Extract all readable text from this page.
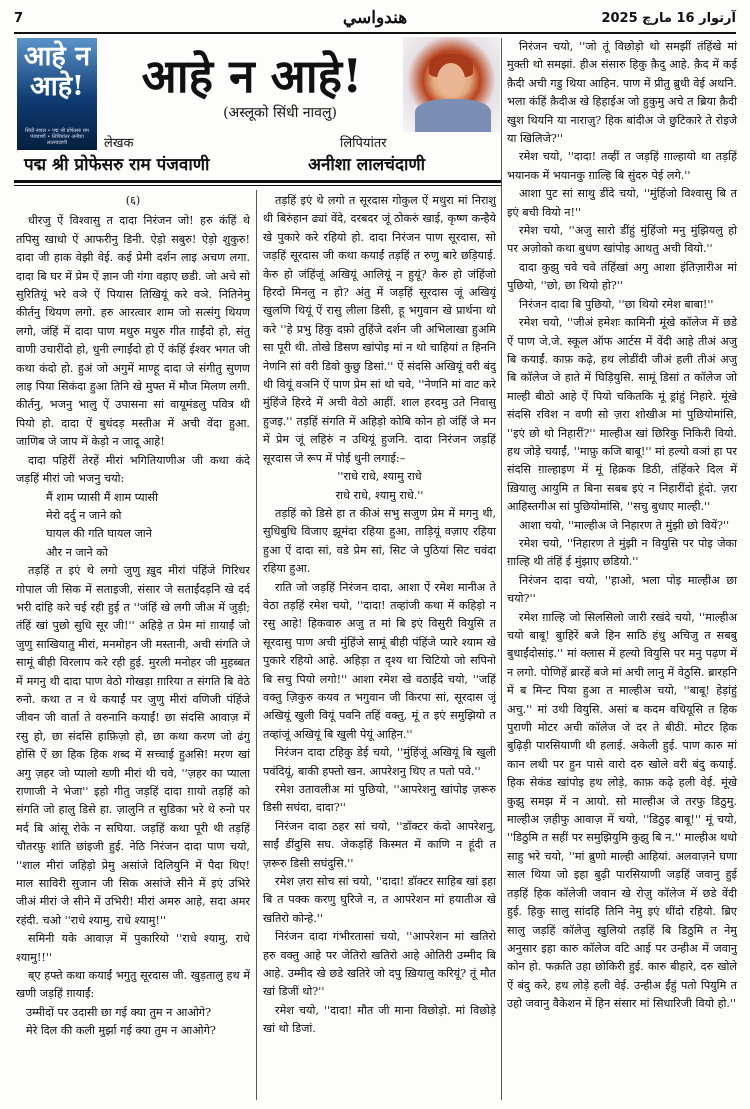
7	هندواسي	آرتوار 16 مارچ 2025
आहे न आहे!
सिंधी नावल • पद्म श्री प्रोफेसरु राम पंजवाणी • लिपियांतर अनीशा लालचंदाणी
आहे न आहे!
(अस्लूको सिंधी नावलु)
लेखक
पद्म श्री प्रोफेसरु राम पंजवाणी
लिपियांतर
अनीशा लालचंदाणी

(६)

धीरजु ऐं विश्वासु त दादा निरंजन जो! हरु कंहिं थे तपिसु खाधो ऐं आफरीनु डिनी. ऐड़ो सबुरु! ऐड़ो शुकुरु! दादा जी हाक वेझी वेई. कई प्रेमी दर्शन लाइ अचण लगा. दादा बि घर में प्रेम ऐं ज्ञान जी गंगा वहाए छडी. जो अचे सो सुरितियूं भरे वञे ऐं पियास तिखियूं करे वञे. नितिनेमु कीर्तनु थियण लगो. हरु आरत्वार शाम जो सत्संगु थियण लगो, जंहिं में दादा पाण मधुरु मधुरु गीत ग़ाईंदो हो, संतु वाणी उचारींदो हो, धुनी ल्गाईंदो हो ऐं कंहिं ईश्वर भगत जी कथा कंदो हो. हुअं जो अगुमें माण्हू दादा जे संगीतु सुणण लाइ पिया सिकंदा हुआ तिनि खे मुफ्त में मौज मिलण लगी. कीर्तनु, भजनु भालु ऐं उपासना सां वायूमंडलु पवित्र थी पियो हो. दादा ऐं बुधंदड़ मस्तीअ में अची वेंदा हुआ. जाणिब जे जाप में केड़ो न जादू आहे!

दादा पहिरीं तेरहें मीरां भगितियाणीअ जी कथा कंदे जड़हिं मीरां जो भजनु चयो:

मैं शाम प्यासी मैं शाम प्यासी

मेरो दर्दु न जाने को

घायल की गति घायल जाने

और न जाने को

तड़हिं त इएं थे लगो जुणु ख़ुद मीरां पंहिंजे गिरिधर गोपाल जी सिक में सताइजी, संसार जे सताईंदड़नि खे दर्द भरी दांहि करे चई रही हुई त ''जंहिं खे लगी जीअ में जुड़ी; तंहिं खां पुछो सुधि सूर जी!'' अहिड़े त प्रेम मां ग़ायाईं जो जुणु साखियातु मीरां, मनमोहन जी मस्तानी, अची संगति जे सामूं बीही विरलाप करे रही हुई. मुरली मनोहर जी मुहब्बत में मगनु थी दादा पाण वेठो गोखड़ा ग़ारिया त संगति बि वेठे रुनो. कथा त न थे कयाईं पर जुणु मीरां वणिजी पंहिंजे जीवन जी वार्ता ते वरुनानि कयाईं! छा संदसि आवाज़ में रसु हो, छा संदसि हाफ़िज़ो हो, छा कथा करण जो ढंगु होसि ऐं छा हिक हिक शब्द में सच्चाई हुअसि! मरण खां अगु ज़हर जो प्यालो ख्णी मीरां थी चवे, ''ज़हर का प्याला राणाजी ने भेजा'' इहो गीतु जड़हिं दादा ग़ायो तड़हिं को संगति जो हालु डिसे हा. ज़ालुनि त सुडिका भरे थे रुनो पर मर्द बि आंसू रोके न सघिया. जड़हिं कथा पूरी थी तड़हिं चौतरफ़ु शांति छांइजी हुई. नेठि निरंजन दादा पाण चयो, ''शाल मीरां जहिड़ो प्रेमु असांजे दिलियुनि में पैदा थिए! माल साविरी सुजान जी सिक असांजे सीने में इएं उभिरे जीअं मीरां जे सीने में उभिरी! मीरां अमरु आहे, सदा अमर रहंदी. चओ ''राधे श्यामु, राधे श्यामु!''

समिनी यके आवाज़ में पुकारियो ''राधे श्यामु, राधे श्यामु!!''

ब्ए हफ्ते कथा कयाईं भगुतु सूरदास जी. खुड़तालु हथ में खणी जड़हिं ग़ायाईं:

उम्मीदों पर उदासी छा गई क्या तुम न आओगे?

मेरे दिल की कली मुर्झा गई क्या तुम न आओगे?

तड़हिं इएं थे लगो त सूरदास गोकुल ऐं मथुरा मां निराशु थी बिरुंहान ढ्यां वेंदे, दरबदर जूं ठोकरुं खाई, कृष्ण कन्हैये खे पुकारे करे रहियो हो. दादा निरंजन पाण सूरदास, सो जड़हिं सूरदास जी कथा कयाईं तड़हिं त रुणु बारे छड़ियाई. केरु हो जंहिंजूं अखियूं आलियूं न हुयूं? केरु हो जंहिंजो हिरदो मिनलु न हो? अंतु में जड़हिं सूरदास जूं अखियूं खुलणि थियूं ऐं रासु लीला डिसी, हू भगुवान खे प्रार्थना थो करे ''हे प्रभु हिकु दफ़ो तुहिंजे दर्शन जी अभिलाखा हुअमि सा पूरी थी. तोखे डिसण खांपोइ मां न थो चाहियां त हिननि नेणनि सां वरी डिवो कुछु डिसां.'' ऐं संदसि अखियूं वरी बंदु थी वियूं वञनि ऐं पाण प्रेम सां थो चवे, ''नेणनि मां वाट करे मुंहिंजे हिरदे में अची वेठो आहीं. शाल हरदमु उते निवासु हुजइ.'' तड़हिं संगति में अहिड़ो कोबि कोन हो जंहिं जे मन में प्रेम जूं लहिरुं न उथियूं हुजनि. दादा निरंजन जड़हिं सूरदास जे रूप में पोई धुनी लगाई:–

''राधे राधे, श्यामु राधे

राधे राधे, श्यामु राधे.''

तड़हिं को डिसे हा त कीअं सभु सजुण प्रेम में मगनु थी, सुधिबुधि विजाए झूमंदा रहिया हुआ, ताड़ियूं वज़ाए रहिया हुआ ऐं दादा सां, वडे प्रेम सां, सिट जे पुठियां सिट चवंदा रहिया हुआ.

राति जो जड़हिं निरंजन दादा, आशा ऐं रमेश मानीअ ते वेठा तड़हिं रमेश चयो, ''दादा! तव्हांजी कथा में कहिड़ो न रसु आहे! हिकवारु अजु त मां बि इएं विसुरी वियुसि त सूरदासु पाण अची मुंहिंजे सामूं बीही पंहिंजे प्यारे श्याम खे पुकारे रहियो आहे. अहिड़ा त दृश्य था चिटियो जो सपिनो बि सचु पियो लगो!'' आशा रमेश खे वठाईंदे चयो, ''जहिं वक्तु ज़िकुरु कयव त भगुवान जी किरपा सां, सूरदास जूं अखियूं खुली वियूं पवनि तहिं वक्तु, मूं त इएं समुझियो त तव्हांजूं अखियूं बि खुली पेयूं आहिन.''

निरंजन दादा टहिकु डेई चयो, ''मुंहिंजूं अखियूं बि खुली पवंदियूं, बाकी हफ्तो खन. आपरेशनु थिए त पतो पवे.''

रमेश उतावलीअ मां पुछियो, ''आपरेशनु खांपोइ ज़रूरु डिसी सघंदा, दादा?''

निरंजन दादा ठहर सां चयो, ''डॉक्टर कंदो आपरेशनु, साईं डींदुसि सघ. जेकड़हिं किस्मत में काणि न हूंदी त ज़रूरु डिसी सघंदुसि.''

रमेश ज़रा सोच सां चयो, ''दादा! डॉक्टर साहिब खां इहा बि त पक्क करणु घुरिजे न, त आपरेशन मां हयातीअ खे खतिरो कोन्हे.''

निरंजन दादा गंभीरतासां चयो, ''आपरेशन मां खतिरो हरु वक्तु आहे पर जेतिरो खतिरो आहे ओतिरी उम्मीद बि आहे. उम्मीद खे छडे खतिरे जो दपु ख़ियालु करियूं? तूं मौत खां डिजीं थो?''

रमेश चयो, ''दादा! मौत जी माना विछोड़ो. मां विछोड़े खां थो डिजां.

निरंजन चयो, ''जो तूं विछोड़ो थो समझीं तंहिंखे मां मुक्ती थो समझां. हीअ संसारु हिकु क़ैदु आहे. क़ैद में कई क़ैदी अची गडु थिया आहिन. पाण में प्रीतु ब्रुधी वेई अथनि. भला कंहिं क़ैदीअ खे हिहाईअ जो हुकुमु अचे त ब्रिया क़ैदी खुश थियनि या नाराज़ु? हिक बांदीअ जे छुटिकारे ते रोइजे या खिलिजे?''

रमेश चयो, ''दादा! तव्हीं त जड़हिं ग़ाल्हायो था तड़हिं भयानक में भयानकु ग़ाल्हि बि सुंदरु पेई लगे.''

आशा पुट सां साथु डींदे चयो, ''मुंहिंजो विश्वासु बि त इएं बची वियो न!''

रमेश चयो, ''अजु सारो डींहुं मुंहिंजो मनु मुंझियलु हो पर अज़ोको कथा बुधण खांपोइ आथतु अची वियो.''

दादा कुझु चवे चवे तंहिंखां अगु आशा इंतिज़ारीअ मां पुछियो, ''छो, छा थियो हो?''

निरंजन दादा बि पुछियो, ''छा थियो रमेश बाबा!''

रमेश चयो, ''जीअं हमेशः कामिनी मूंखे कॉलेज में छडे ऐं पाण जे.जे. स्कूल ऑफ आर्टस में वेंदी आहे तीअं अजु बि कयाईं. काफ़ कढ़े, हथ लोडींदी जीअं हली तीअं अजु बि कॉलेज जे हाते में घिड़ियुसि. सामूं डिसां त कॉलेज जो माल्ही बीठो आहे ऐं पियो चकितकि मूं ड्रांहुं निहारे. मूंखे संदसि रविश न वणी सो ज़रा शोखीअ मां पुछियोमांसि, ''इएं छो थो निहारीं?'' माल्हीअ खां छिरिकु निकिरी वियो. हथ जोड़े चयाईं, ''माफ़ु कजि बाबू!'' मां हल्यो वञां हा पर संदसि ग़ाल्हाइण में मूं हिक्रक डिठी, तंहिंकरे दिल में ख़ियालु आयुमि त बिना सबब इएं न निहारींदो हूंदो. ज़रा आहिस्तगीअ सां पुछियोमांसि, ''सचु बुधाए माल्ही.''

आशा चयो, ''माल्हीअ जे निहारण ते मुंझी छो वियें?''

रमेश चयो, ''निहारण ते मुंझी न वियुसि पर पोइ जेका ग़ाल्हि थी तंहिं ई मुंझाए छडियो.''

निरंजन दादा चयो, ''हाओ, भला पोइ माल्हीअ छा चयो?''

रमेश ग़ाल्हि जो सिलसिलो जारी रखंदे चयो, ''माल्हीअ चयो बाबू! बुाहिरें बजे हिन साठि हंधु अचिजु त सबबु बुधाईंदोसांइ.'' मां क्लास में हल्यो वियुसि पर मनु पढ़ण में न लगो. पोणिहें ब्रारहें बजे मां अची लानु में वेठुसि. ब्रारहनि में ब मिन्ट पिया हुआ त माल्हीअ चयो, ''बाबू! हेड़ांहुं अचु.'' मां उथी वियुसि. असां ब कदम वधियूसि त हिक पुराणी मोटर अची कॉलेज जे दर ते बीठी. मोटर हिक बुढ़िड़ी पारसियाणी थी हलाई. अकेली हुई. पाण कारु मां कान लथी पर हुन पासे वारो दरु खोले वरी बंदु कयाई. हिक सेकंड खांपोइ हथ लोड़े, काफ़ कढ़े हली वेई. मूंखे कुझु समझ में न आयो. सो माल्हीअ जे तरफु डिठुमु. माल्हीअ ज़हीफु आवाज़ में चयो, ''डिठुइ बाबू!'' मूं चयो, ''डिठुमि त सहीं पर समुझियुमि कुझु बि न.'' माल्हीअ थधो साहु भरे चयो, ''मां ब्रुणो माल्ही आहियां. अलवाज़ने घणा साल थिया जो इहा बुढ़ी पारसियाणी जड़हिं जवानु हुई तड़हिं हिक कॉलेजी जवान खे रोज़ु कॉलेज में छडे वेंदी हुई. हिकु सालु सांदहि तिनि नेमु इएं थींदो रहियो. ब्रिए सालु जड़हिं कॉलेजु खुलियो तड़हिं बि डिठुमि त नेमु अनुसार इहा कारु कॉलेज वटि आई पर उन्हीअ में जवानु कोन हो. फक़ति उहा छोकिरी हुई. कारु बीहारे, दरु खोले ऐं बंदु करे, हथ लोड़े हली वेई. उन्हीअ ईंहुं पतो पियुमि त उहो जवानु वैकेशन में हिन संसार मां सिधारिजी वियो हो.''
